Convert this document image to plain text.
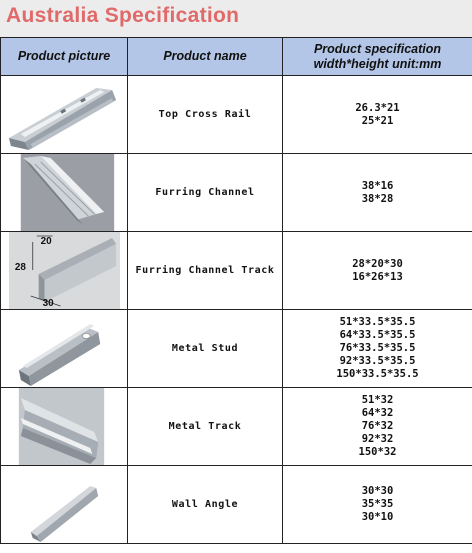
Australia Specification
Product picture	Product name	Product specification
width*height unit:mm

	Top Cross Rail	26.3*21
25*21

	Furring Channel	38*16
38*28

20
28
30	Furring Channel Track	28*20*30
16*26*13

	Metal Stud	51*33.5*35.5
64*33.5*35.5
76*33.5*35.5
92*33.5*35.5
150*33.5*35.5

	Metal Track	51*32
64*32
76*32
92*32
150*32

	Wall Angle	30*30
35*35
30*10
